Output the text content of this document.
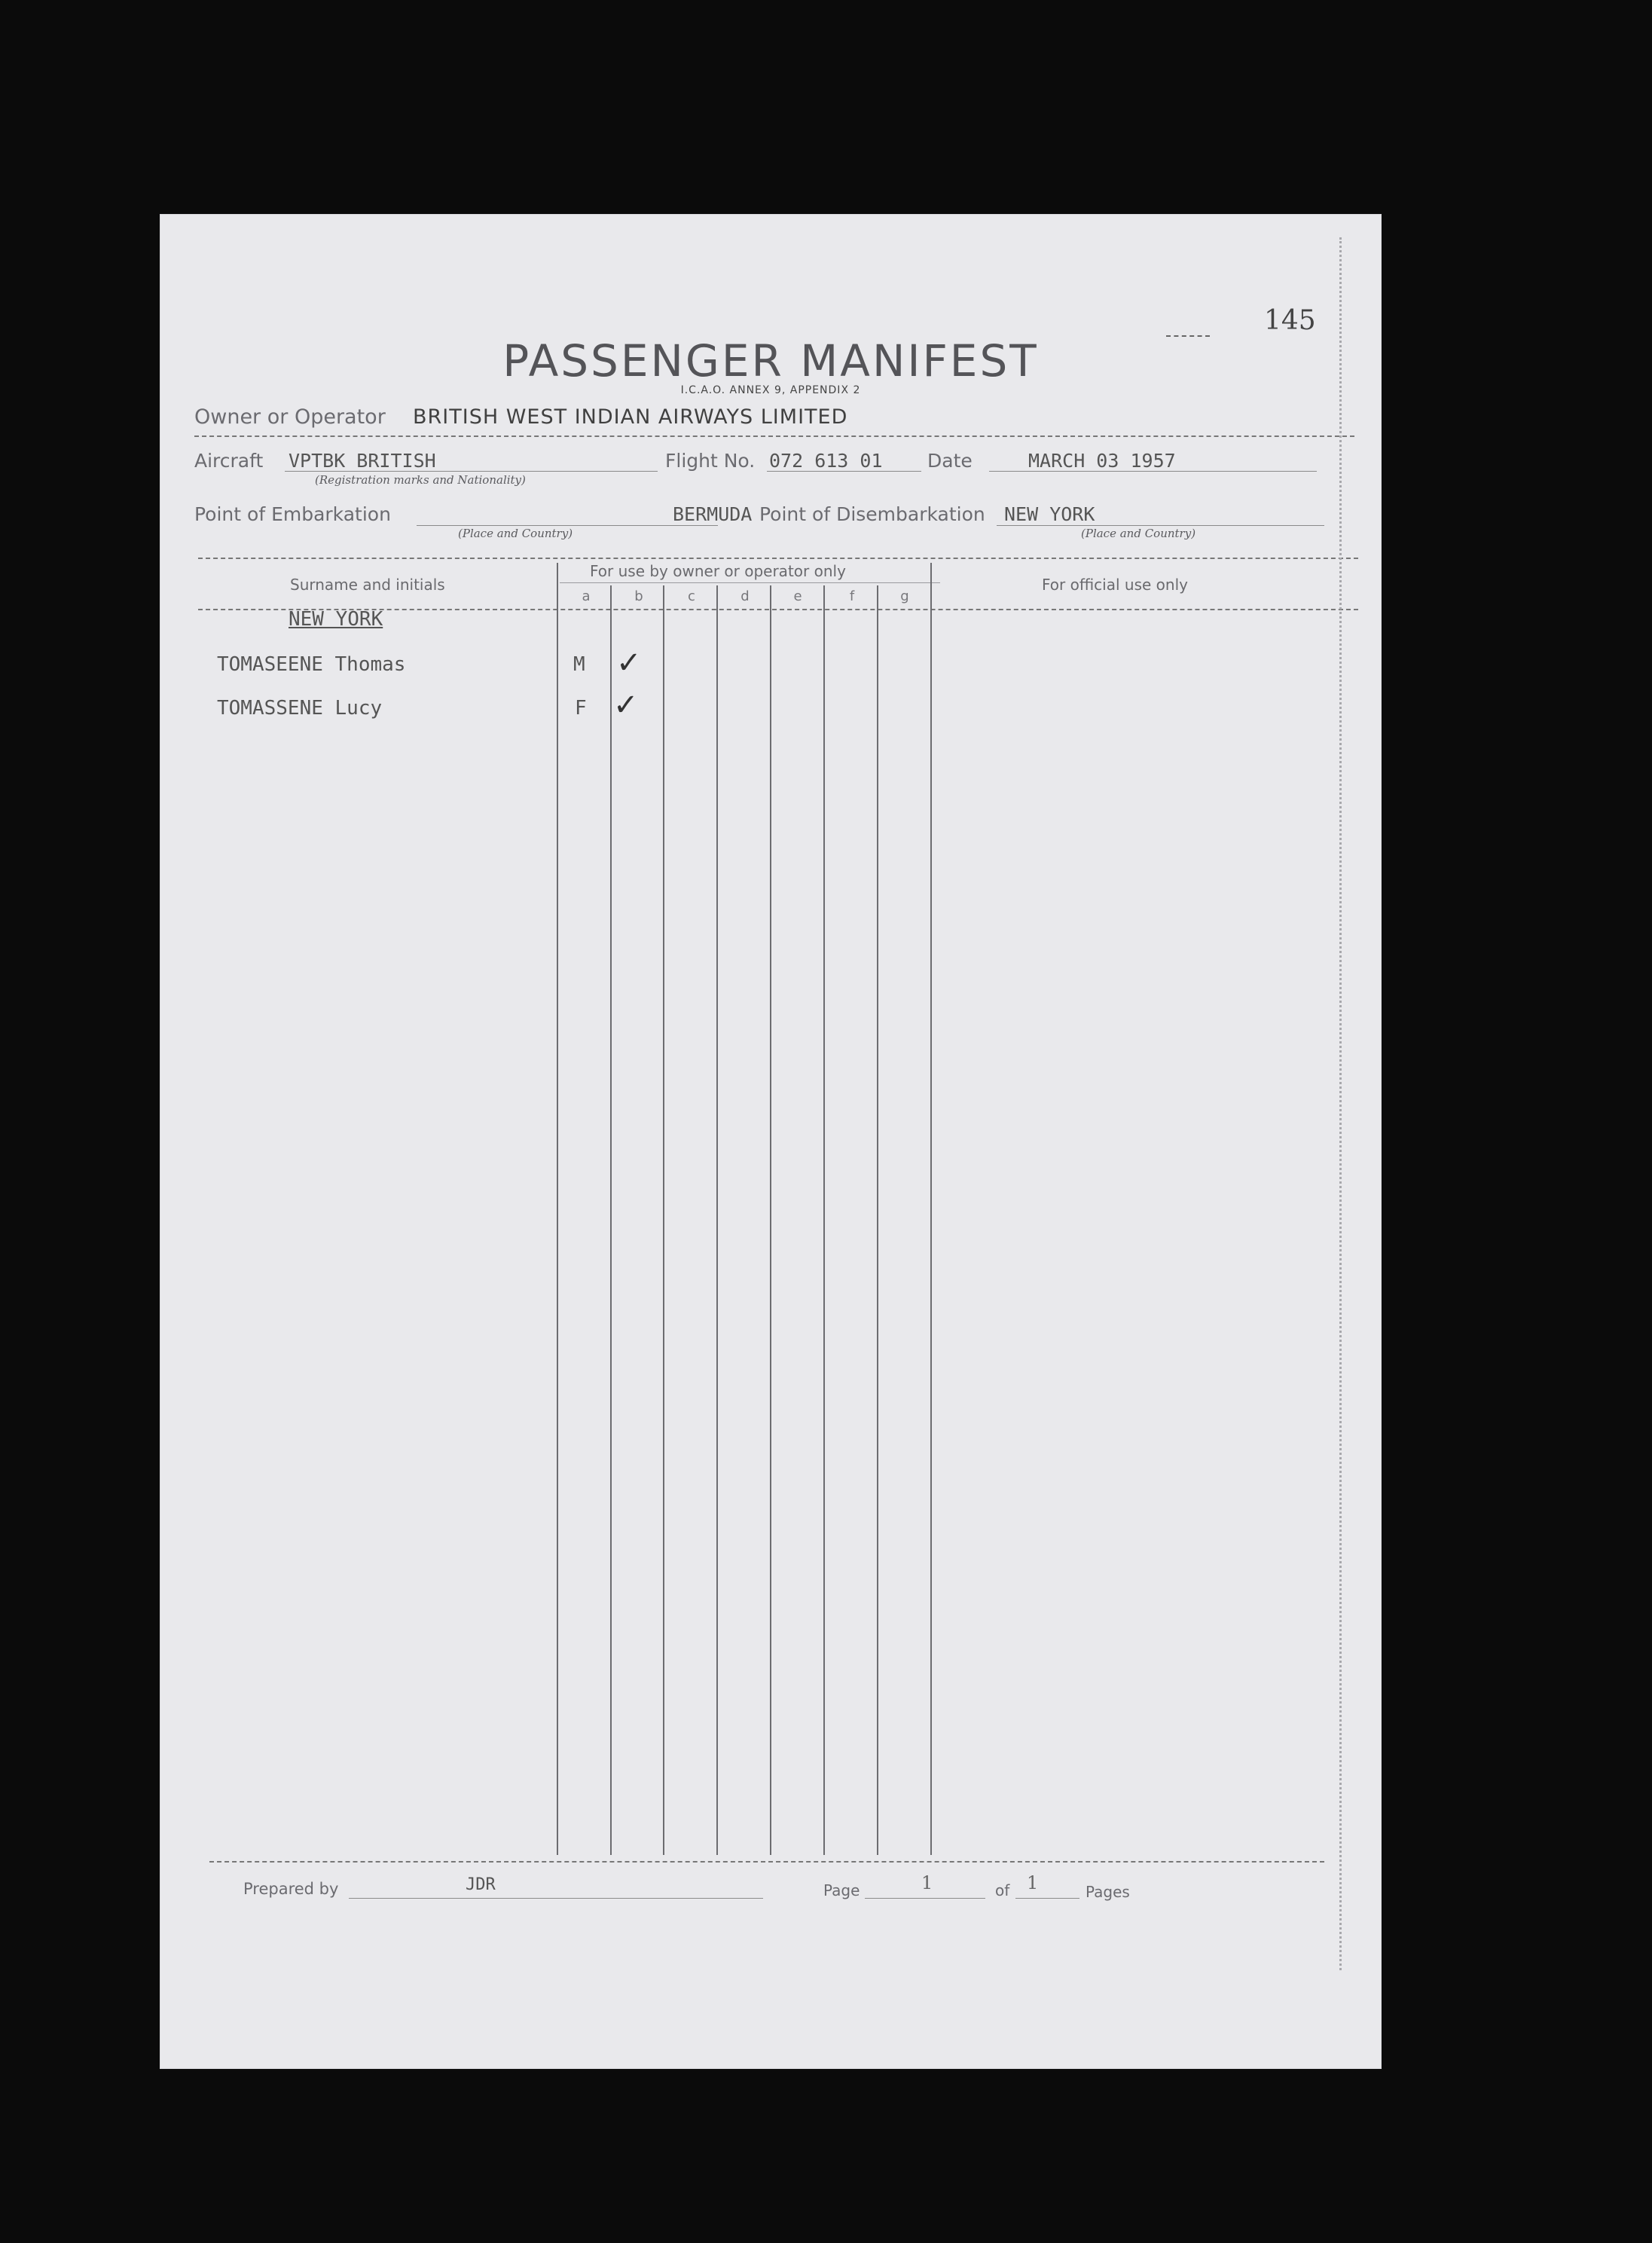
145
PASSENGER MANIFEST
I.C.A.O. ANNEX 9, APPENDIX 2
Owner or Operator BRITISH WEST INDIAN AIRWAYS LIMITED
Aircraft VPTBK BRITISH
(Registration marks and Nationality)
Flight No. 072 613 01 Date	MARCH 03 1957
Point of Embarkation	BERMUDA
(Place and Country)
Point of Disembarkation NEW YORK
(Place and Country)
Surname and initials
For use by owner or operator only
For official use only
a	b	c	d	e	f	g
NEW YORK
TOMASEENE Thomas	M ✓
TOMASSENE Lucy	F ✓
Prepared by	JDR	Page	1	of 1	Pages
